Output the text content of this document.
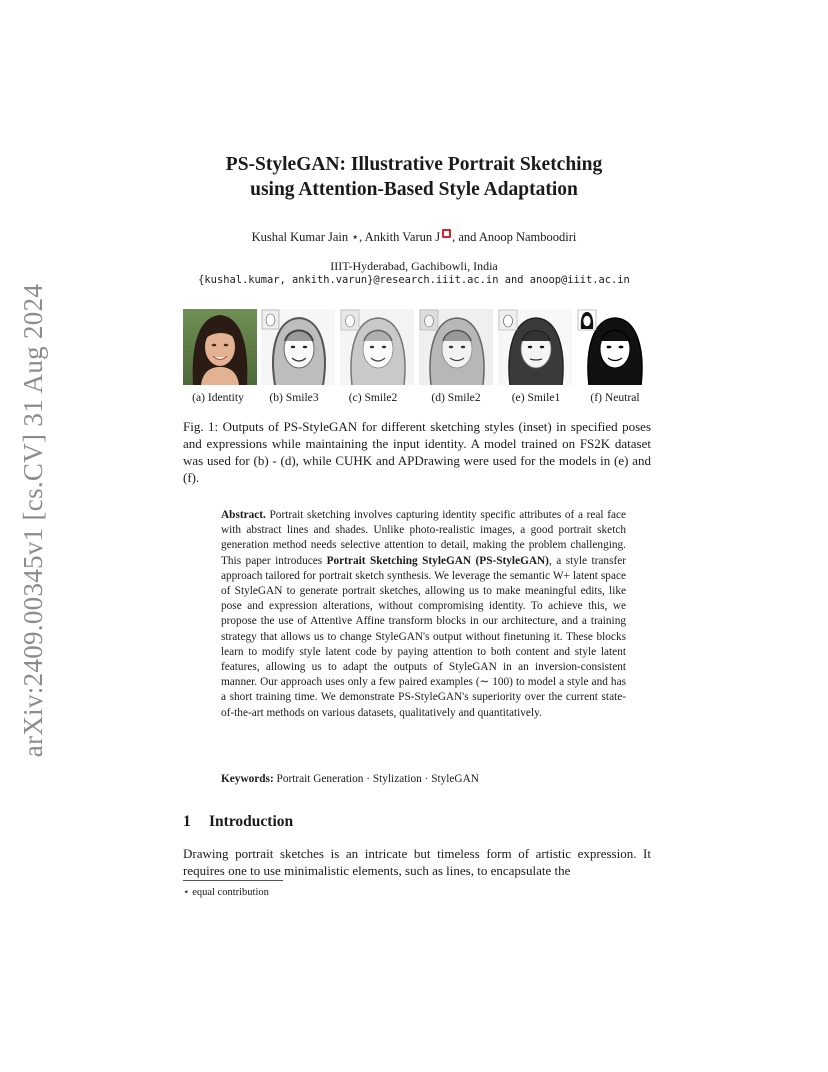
arXiv:2409.00345v1 [cs.CV] 31 Aug 2024
PS-StyleGAN: Illustrative Portrait Sketching
using Attention-Based Style Adaptation
Kushal Kumar Jain ⋆, Ankith Varun J , and Anoop Namboodiri
IIIT-Hyderabad, Gachibowli, India
{kushal.kumar, ankith.varun}@research.iiit.ac.in and anoop@iiit.ac.in
(a) Identity	(b) Smile3	(c) Smile2	(d) Smile2	(e) Smile1	(f) Neutral
Fig. 1: Outputs of PS-StyleGAN for different sketching styles (inset) in specified poses and expressions while maintaining the input identity. A model trained on FS2K dataset was used for (b) - (d), while CUHK and APDrawing were used for the models in (e) and (f).
Abstract. Portrait sketching involves capturing identity specific attributes of a real face with abstract lines and shades. Unlike photo-realistic images, a good portrait sketch generation method needs selective attention to detail, making the problem challenging. This paper introduces Portrait Sketching StyleGAN (PS-StyleGAN), a style transfer approach tailored for portrait sketch synthesis. We leverage the semantic W+ latent space of StyleGAN to generate portrait sketches, allowing us to make meaningful edits, like pose and expression alterations, without compromising identity. To achieve this, we propose the use of Attentive Affine transform blocks in our architecture, and a training strategy that allows us to change StyleGAN's output without finetuning it. These blocks learn to modify style latent code by paying attention to both content and style latent features, allowing us to adapt the outputs of StyleGAN in an inversion-consistent manner. Our approach uses only a few paired examples (∼ 100) to model a style and has a short training time. We demonstrate PS-StyleGAN's superiority over the current state-of-the-art methods on various datasets, qualitatively and quantitatively.
Keywords: Portrait Generation · Stylization · StyleGAN
1 Introduction
Drawing portrait sketches is an intricate but timeless form of artistic expression. It requires one to use minimalistic elements, such as lines, to encapsulate the
⋆ equal contribution
